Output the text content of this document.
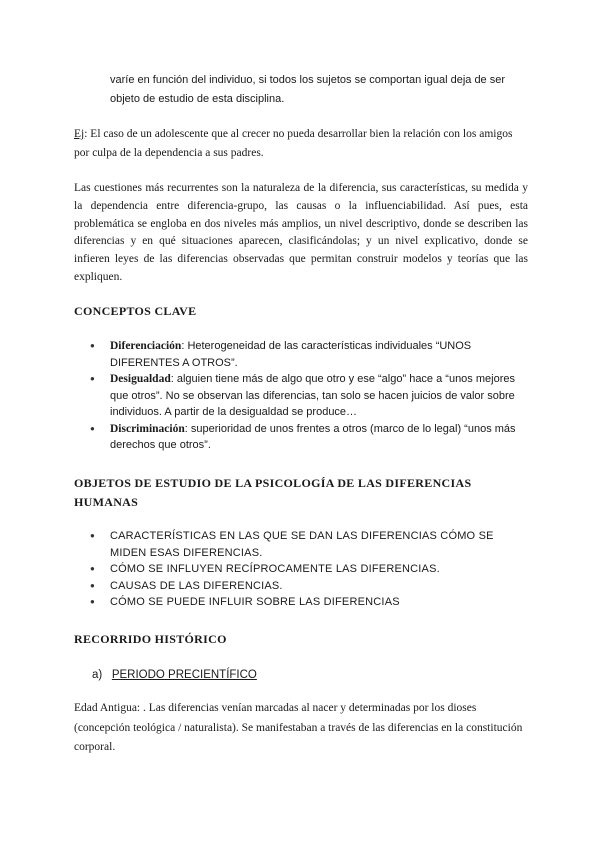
varíe en función del individuo, si todos los sujetos se comportan igual deja de ser objeto de estudio de esta disciplina.

Ej: El caso de un adolescente que al crecer no pueda desarrollar bien la relación con los amigos por culpa de la dependencia a sus padres.

Las cuestiones más recurrentes son la naturaleza de la diferencia, sus características, su medida y la dependencia entre diferencia-grupo, las causas o la influenciabilidad. Así pues, esta problemática se engloba en dos niveles más amplios, un nivel descriptivo, donde se describen las diferencias y en qué situaciones aparecen, clasificándolas; y un nivel explicativo, donde se infieren leyes de las diferencias observadas que permitan construir modelos y teorías que las expliquen.

CONCEPTOS CLAVE
● Diferenciación: Heterogeneidad de las características individuales “UNOS DIFERENTES A OTROS”.
● Desigualdad: alguien tiene más de algo que otro y ese “algo” hace a “unos mejores que otros”. No se observan las diferencias, tan solo se hacen juicios de valor sobre individuos. A partir de la desigualdad se produce…
● Discriminación: superioridad de unos frentes a otros (marco de lo legal) “unos más derechos que otros”.
OBJETOS DE ESTUDIO DE LA PSICOLOGÍA DE LAS DIFERENCIAS HUMANAS
● CARACTERÍSTICAS EN LAS QUE SE DAN LAS DIFERENCIAS CÓMO SE MIDEN ESAS DIFERENCIAS.
● CÓMO SE INFLUYEN RECÍPROCAMENTE LAS DIFERENCIAS.
● CAUSAS DE LAS DIFERENCIAS.
● CÓMO SE PUEDE INFLUIR SOBRE LAS DIFERENCIAS
RECORRIDO HISTÓRICO

a) PERIODO PRECIENTÍFICO

Edad Antigua: . Las diferencias venían marcadas al nacer y determinadas por los dioses (concepción teológica / naturalista). Se manifestaban a través de las diferencias en la constitución corporal.
